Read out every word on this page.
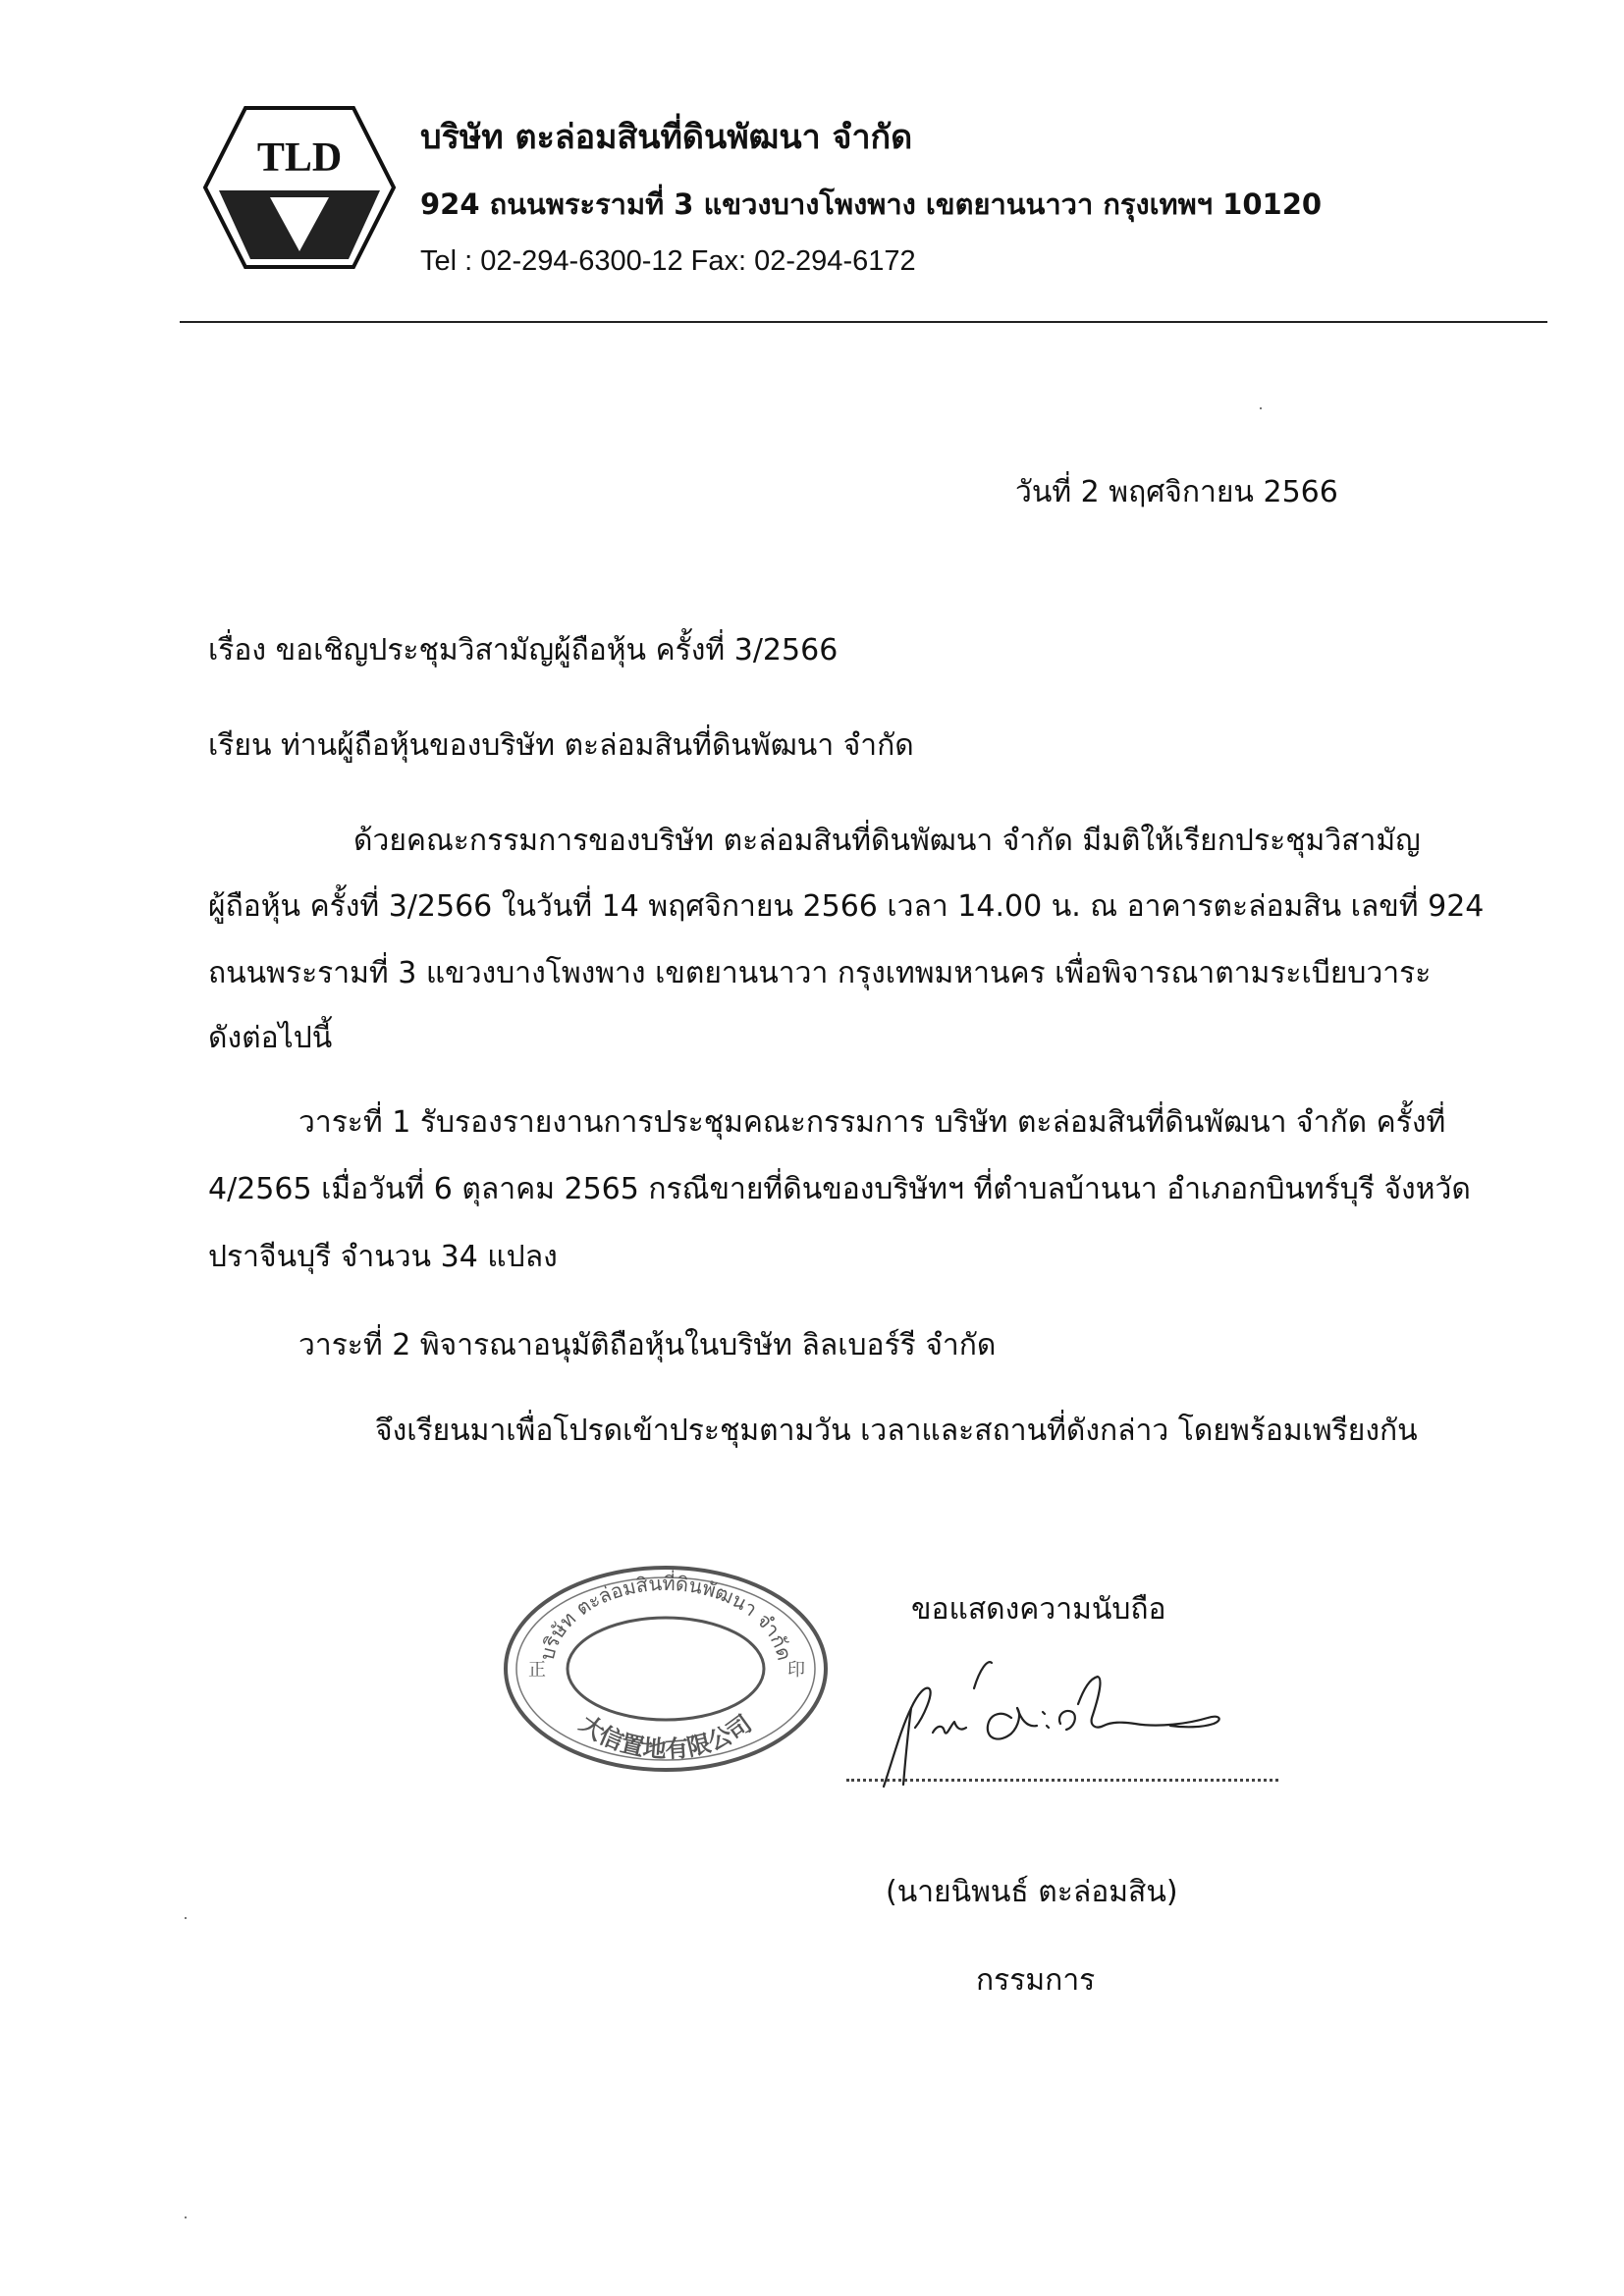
TLD บริษัท ตะล่อมสินที่ดินพัฒนา จำกัด
924 ถนนพระรามที่ 3 แขวงบางโพงพาง เขตยานนาวา กรุงเทพฯ 10120
Tel : 02-294-6300-12 Fax: 02-294-6172
วันที่ 2 พฤศจิกายน 2566
เรื่อง ขอเชิญประชุมวิสามัญผู้ถือหุ้น ครั้งที่ 3/2566
เรียน ท่านผู้ถือหุ้นของบริษัท ตะล่อมสินที่ดินพัฒนา จำกัด
ด้วยคณะกรรมการของบริษัท ตะล่อมสินที่ดินพัฒนา จำกัด มีมติให้เรียกประชุมวิสามัญ
ผู้ถือหุ้น ครั้งที่ 3/2566 ในวันที่ 14 พฤศจิกายน 2566 เวลา 14.00 น. ณ อาคารตะล่อมสิน เลขที่ 924
ถนนพระรามที่ 3 แขวงบางโพงพาง เขตยานนาวา กรุงเทพมหานคร เพื่อพิจารณาตามระเบียบวาระ
ดังต่อไปนี้
วาระที่ 1 รับรองรายงานการประชุมคณะกรรมการ บริษัท ตะล่อมสินที่ดินพัฒนา จำกัด ครั้งที่
4/2565 เมื่อวันที่ 6 ตุลาคม 2565 กรณีขายที่ดินของบริษัทฯ ที่ตำบลบ้านนา อำเภอกบินทร์บุรี จังหวัด
ปราจีนบุรี จำนวน 34 แปลง
วาระที่ 2 พิจารณาอนุมัติถือหุ้นในบริษัท ลิลเบอร์รี จำกัด
จึงเรียนมาเพื่อโปรดเข้าประชุมตามวัน เวลาและสถานที่ดังกล่าว โดยพร้อมเพรียงกัน
ขอแสดงความนับถือ
บริษัท ตะล่อมสินที่ดินพัฒนา จำกัด
大信置地有限公司
正	印
(นายนิพนธ์ ตะล่อมสิน)
กรรมการ
